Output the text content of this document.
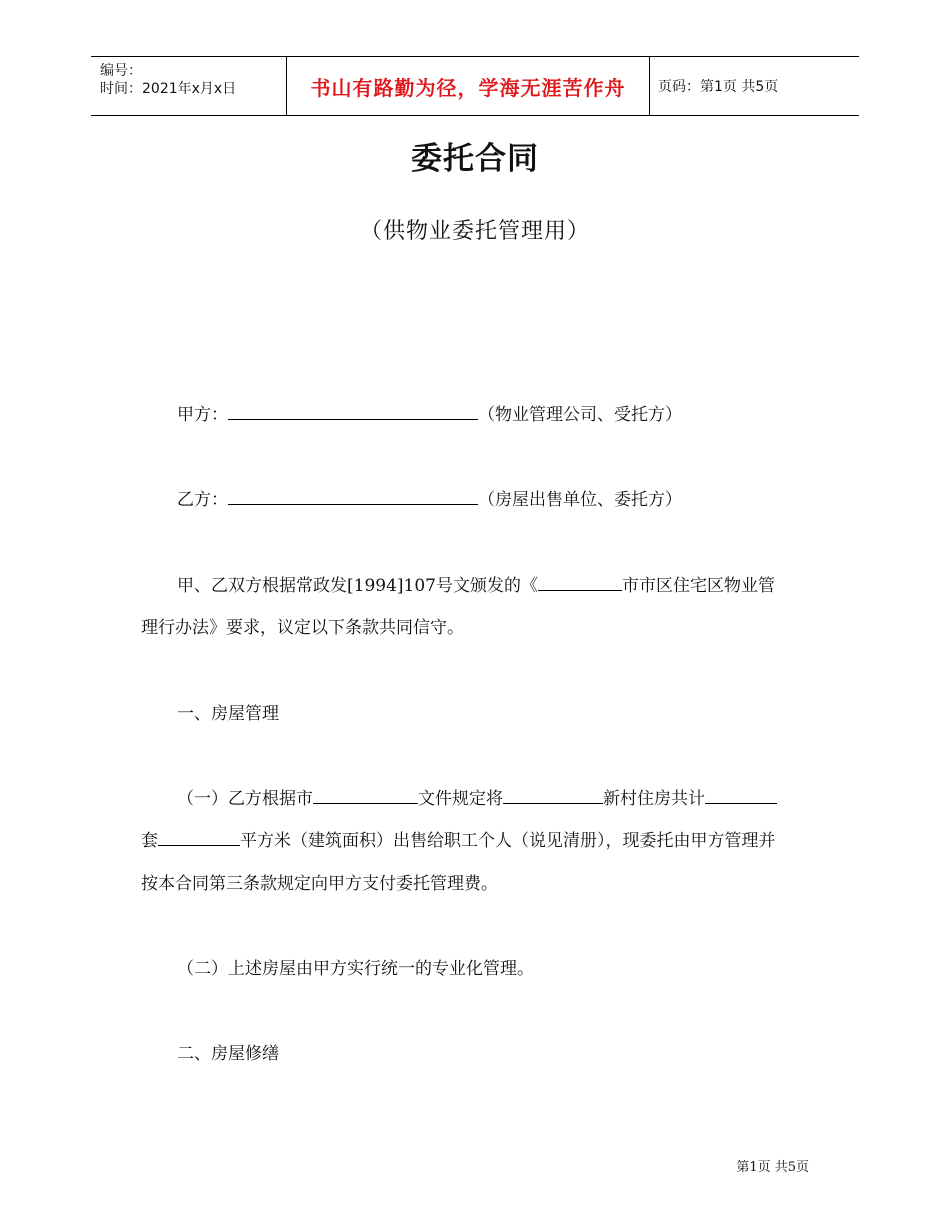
编号：
时间：2021年x月x日	书山有路勤为径，学海无涯苦作舟	页码：第1页 共5页
委托合同
（供物业委托管理用）
甲方：	（物业管理公司、受托方）
乙方：	（房屋出售单位、委托方）
甲、乙双方根据常政发[1994]107号文颁发的《	市市区住宅区物业管
理行办法》要求，议定以下条款共同信守。
一、房屋管理
（一）乙方根据市	文件规定将	新村住房共计
套	平方米（建筑面积）出售给职工个人（说见清册），现委托由甲方管理并
按本合同第三条款规定向甲方支付委托管理费。
（二）上述房屋由甲方实行统一的专业化管理。
二、房屋修缮
第1页 共5页
